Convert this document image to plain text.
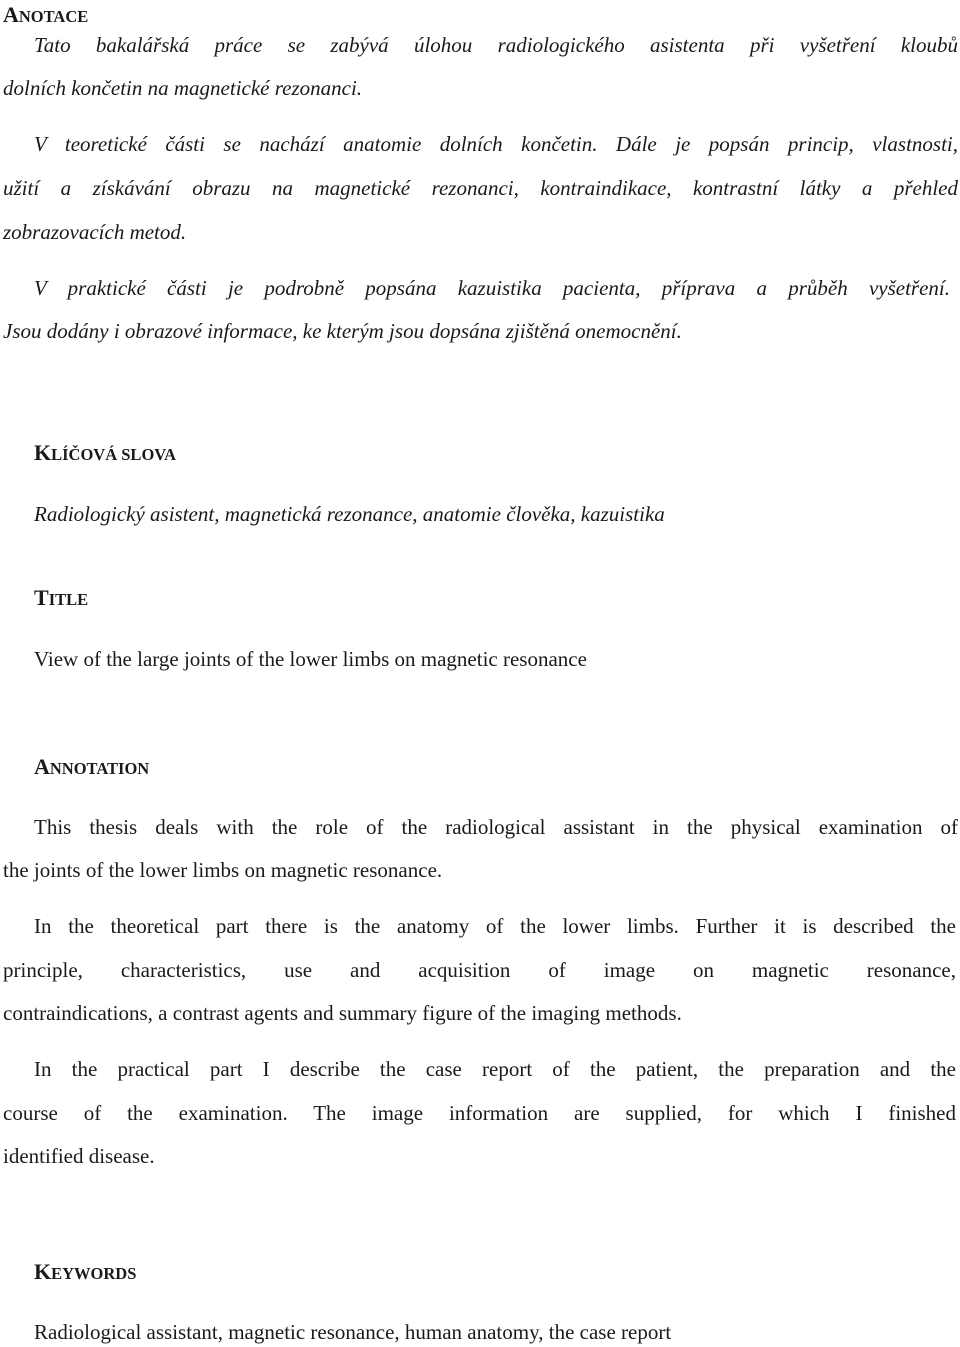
ANOTACE
Tato bakalářská práce se zabývá úlohou radiologického asistenta při vyšetření kloubů
dolních končetin na magnetické rezonanci.
V teoretické části se nachází anatomie dolních končetin. Dále je popsán princip, vlastnosti,
užití a získávání obrazu na magnetické rezonanci, kontraindikace, kontrastní látky a přehled
zobrazovacích metod.
V praktické části je podrobně popsána kazuistika pacienta, příprava a průběh vyšetření.
Jsou dodány i obrazové informace, ke kterým jsou dopsána zjištěná onemocnění.
KLÍČOVÁ SLOVA
Radiologický asistent, magnetická rezonance, anatomie člověka, kazuistika
TITLE
View of the large joints of the lower limbs on magnetic resonance
ANNOTATION
This thesis deals with the role of the radiological assistant in the physical examination of
the joints of the lower limbs on magnetic resonance.
In the theoretical part there is the anatomy of the lower limbs. Further it is described the
principle, characteristics, use and acquisition of image on magnetic resonance,
contraindications, a contrast agents and summary figure of the imaging methods.
In the practical part I describe the case report of the patient, the preparation and the
course of the examination. The image information are supplied, for which I finished
identified disease.
KEYWORDS
Radiological assistant, magnetic resonance, human anatomy, the case report
